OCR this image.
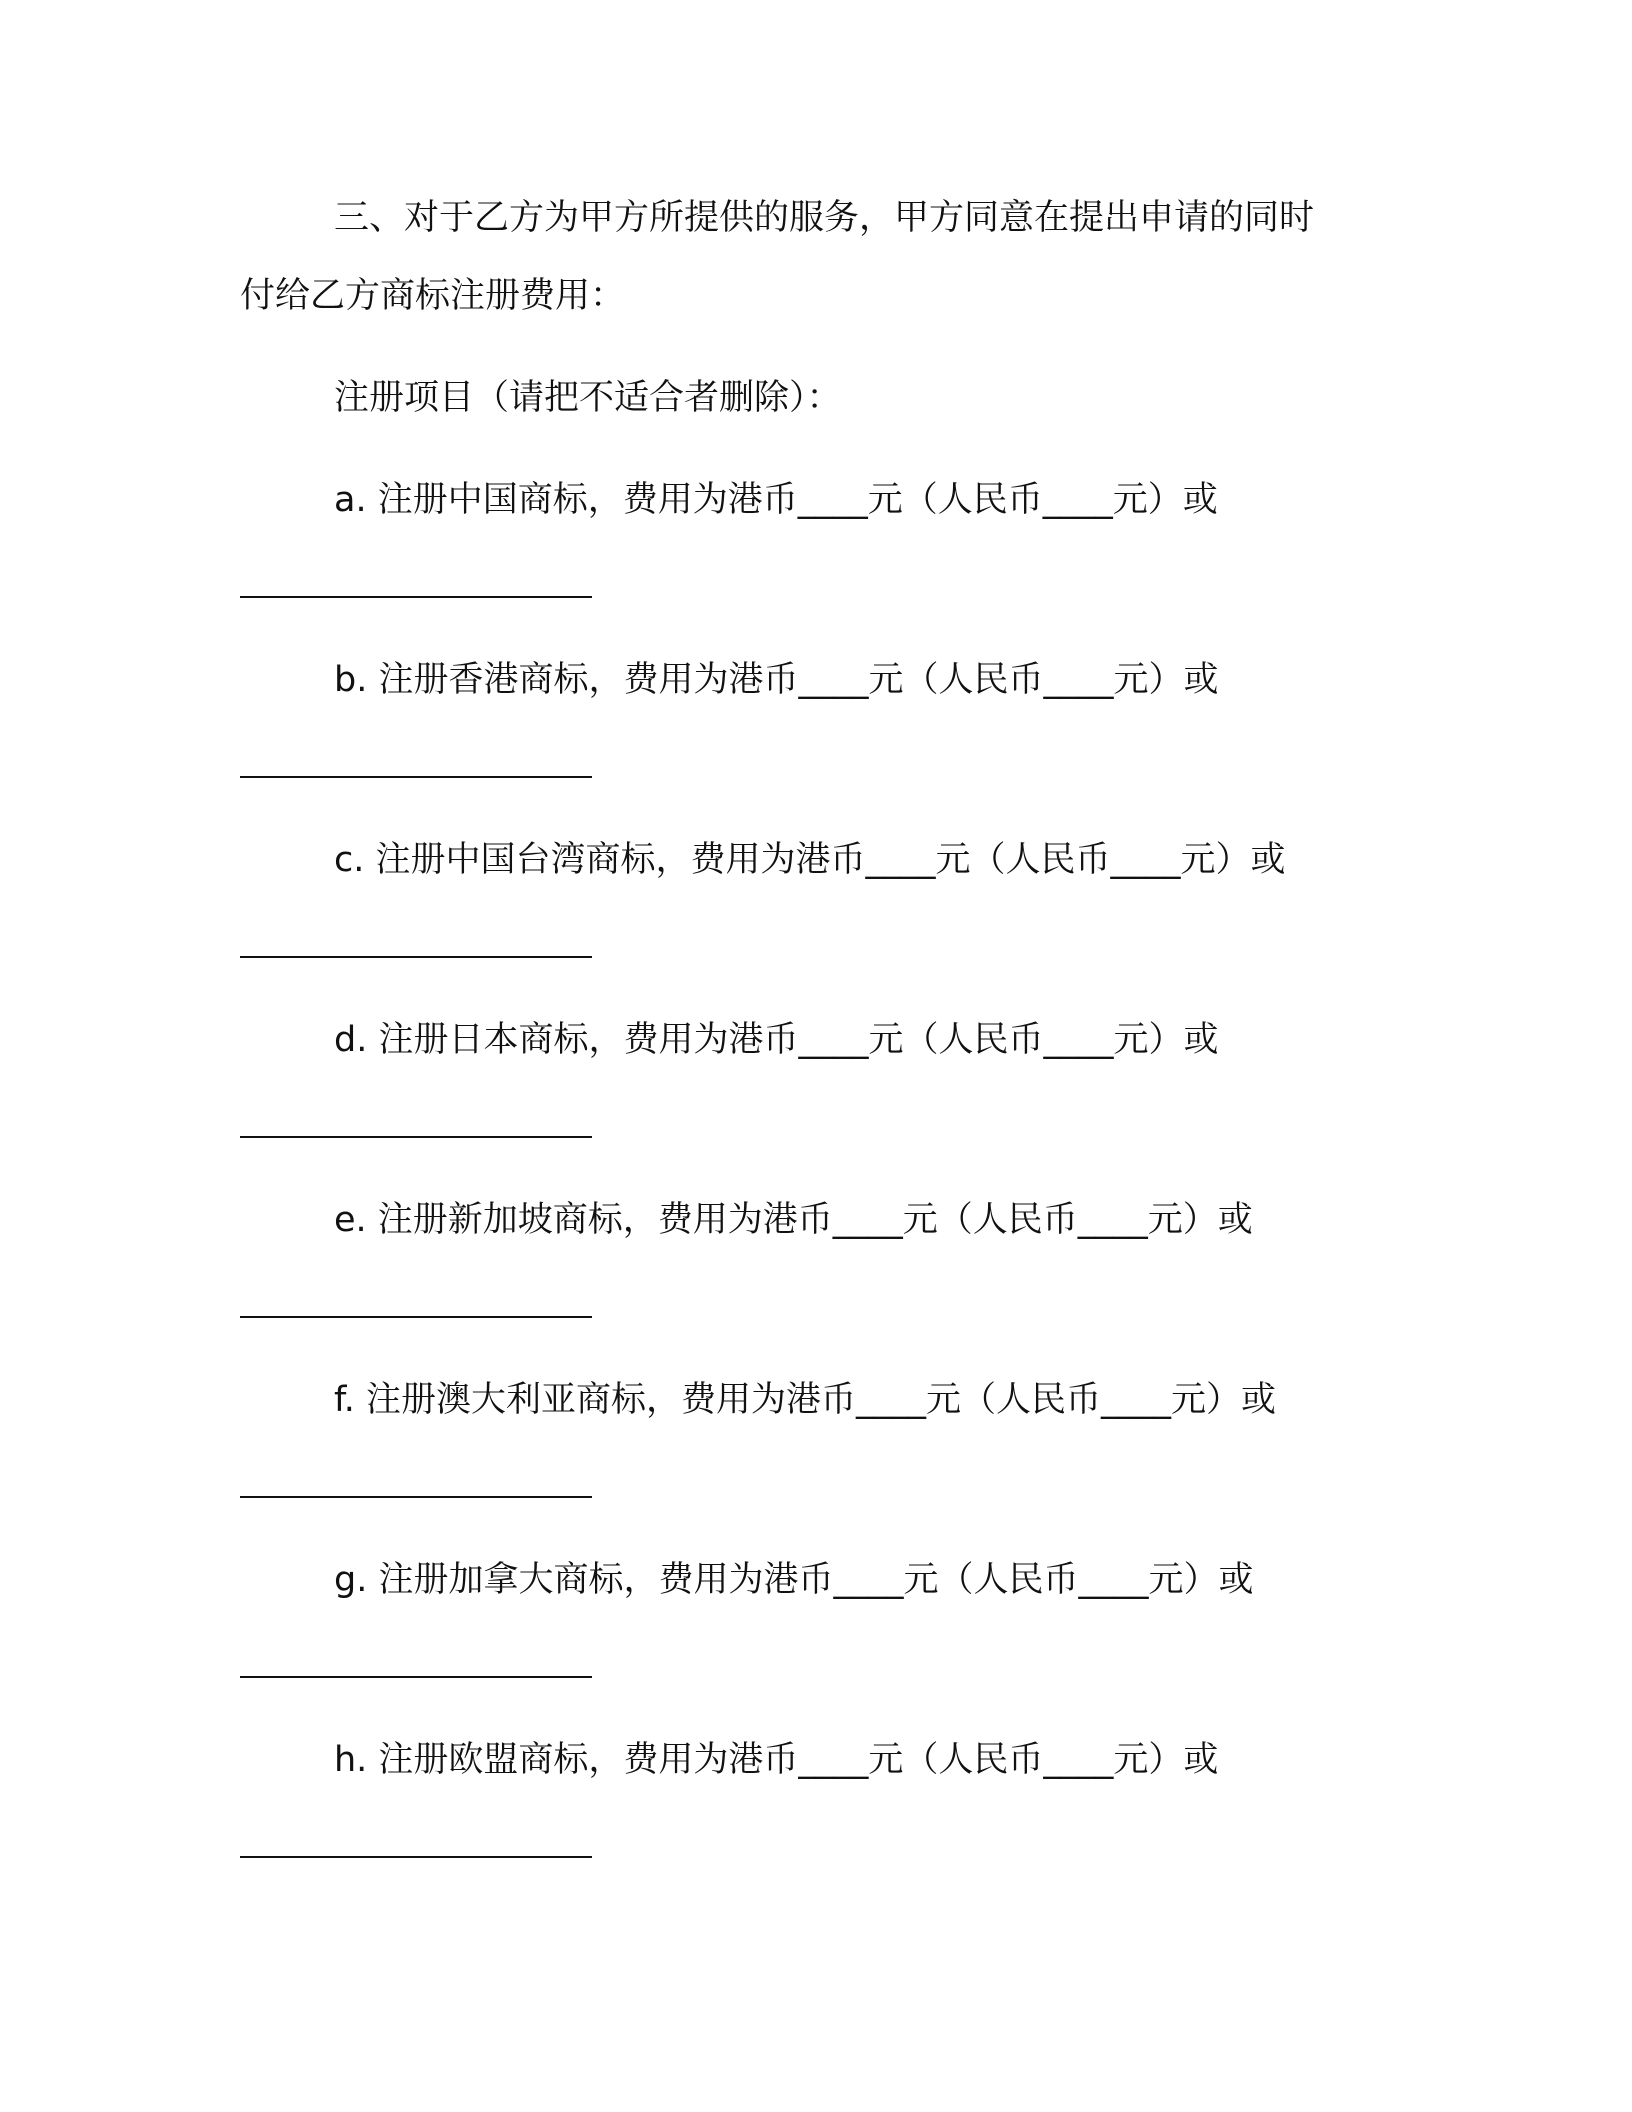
三、对于乙方为甲方所提供的服务，甲方同意在提出申请的同时
付给乙方商标注册费用：
注册项目（请把不适合者删除）：
a. 注册中国商标，费用为港币____元（人民币____元）或
b. 注册香港商标，费用为港币____元（人民币____元）或
c. 注册中国台湾商标，费用为港币____元（人民币____元）或
d. 注册日本商标，费用为港币____元（人民币____元）或
e. 注册新加坡商标，费用为港币____元（人民币____元）或
f. 注册澳大利亚商标，费用为港币____元（人民币____元）或
g. 注册加拿大商标，费用为港币____元（人民币____元）或
h. 注册欧盟商标，费用为港币____元（人民币____元）或
